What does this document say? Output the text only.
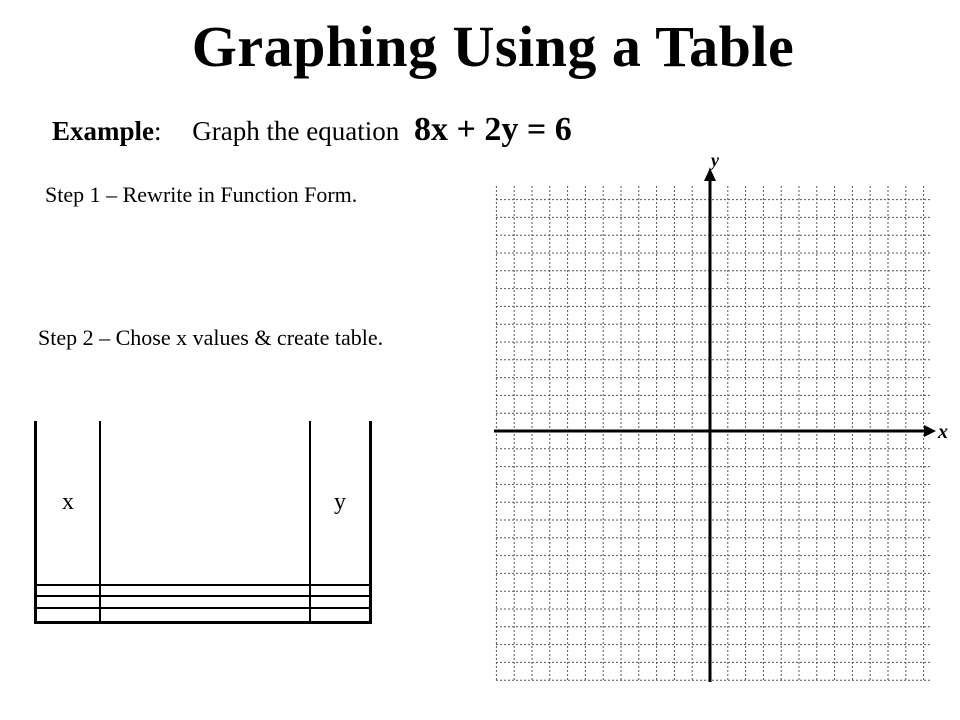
Graphing Using a Table
Example: Graph the equation 8x + 2y = 6
Step 1 – Rewrite in Function Form.
Step 2 – Chose x values & create table.
x		y

x
y
